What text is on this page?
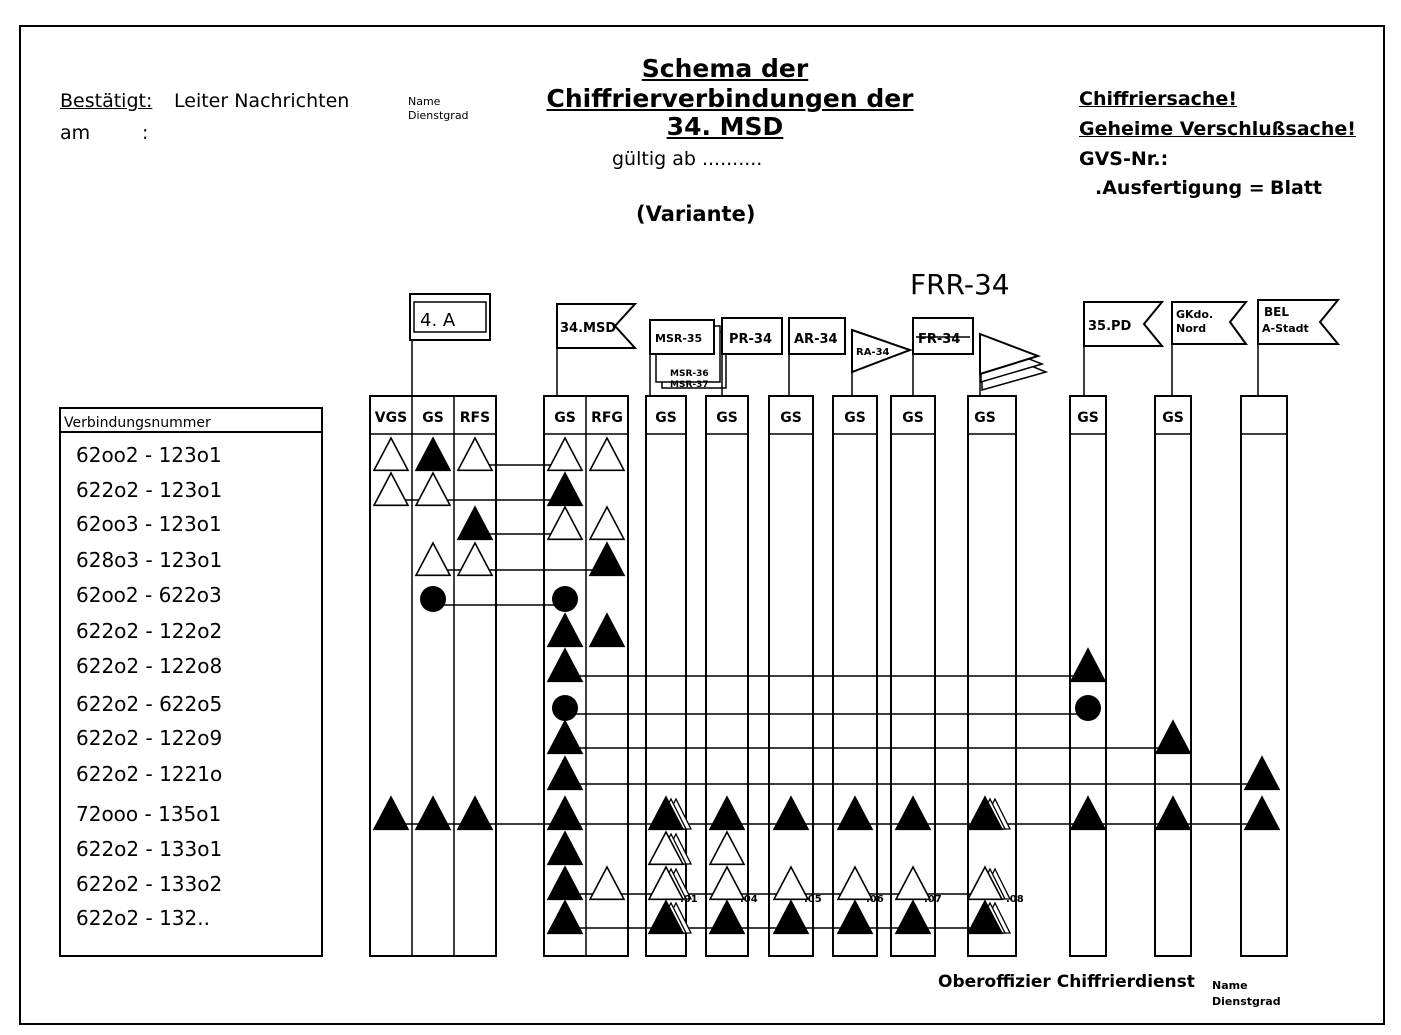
Bestätigt: Leiter Nachrichten
am	:
Name
Dienstgrad
Schema der
Chiffrierverbindungen der
34. MSD
gültig ab ..........
(Variante)
Chiffriersache!
Geheime Verschlußsache!
GVS-Nr.:
.Ausfertigung = Blatt
FRR-34
Verbindungsnummer
62oo2 - 123o1
622o2 - 123o1
62oo3 - 123o1
628o3 - 123o1
62oo2 - 622o3
622o2 - 122o2
622o2 - 122o8
622o2 - 622o5
622o2 - 122o9
622o2 - 1221o
72ooo - 135o1
622o2 - 133o1
622o2 - 133o2
622o2 - 132..
VGS GS RFS	GS RFG GS	GS	GS	GS	GS	GS	GS	GS
.01	.04	.05	.06	.07	.08
4. A	34.MSD
MSR-35
MSR-36
MSR-37
PR-34 AR-34
RA-34
FR-34
35.PD
GKdo.
Nord
BEL
A-Stadt
Oberoffizier Chiffrierdienst Name
Dienstgrad
